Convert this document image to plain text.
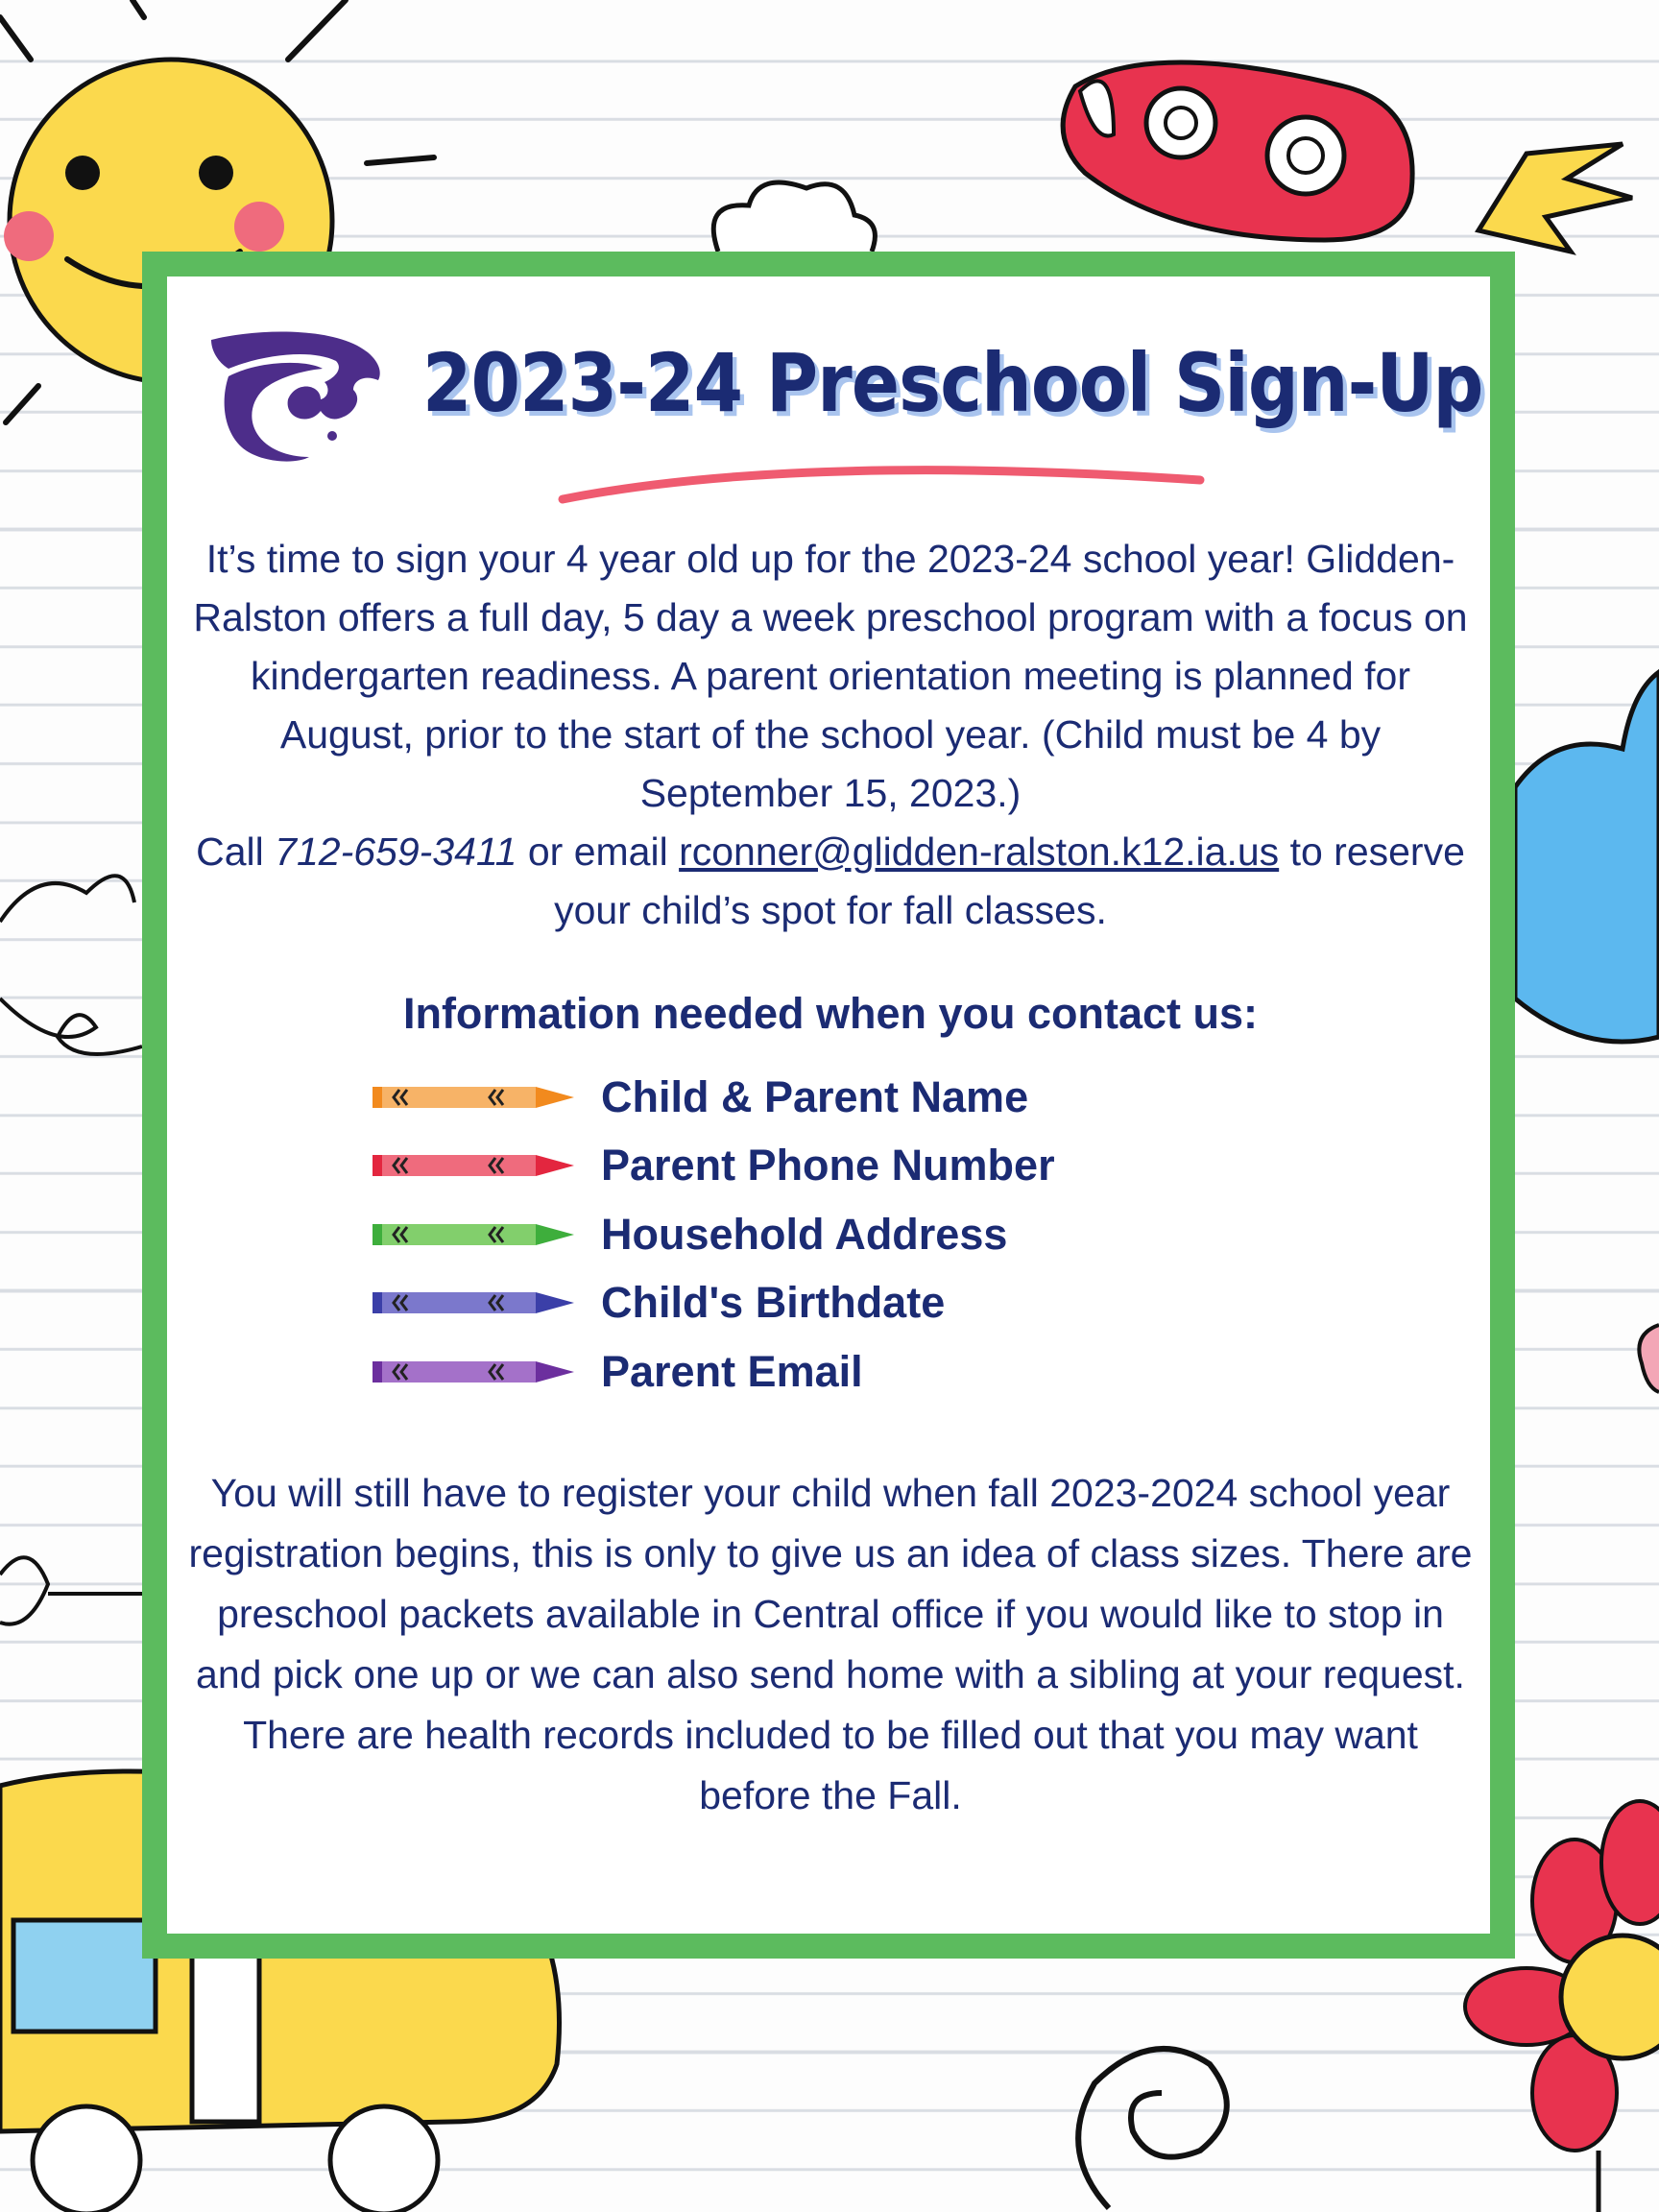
2023-24 Preschool Sign-Up

It’s time to sign your 4 year old up for the 2023-24 school year! Glidden-Ralston offers a full day, 5 day a week preschool program with a focus on kindergarten readiness. A parent orientation meeting is planned for August, prior to the start of the school year. (Child must be 4 by September 15, 2023.)

Call 712-659-3411 or email rconner@glidden-ralston.k12.ia.us to reserve your child’s spot for fall classes.

Information needed when you contact us:
Child & Parent Name
Parent Phone Number
Household Address
Child's Birthdate
Parent Email

You will still have to register your child when fall 2023-2024 school year registration begins, this is only to give us an idea of class sizes. There are preschool packets available in Central office if you would like to stop in and pick one up or we can also send home with a sibling at your request. There are health records included to be filled out that you may want before the Fall.
